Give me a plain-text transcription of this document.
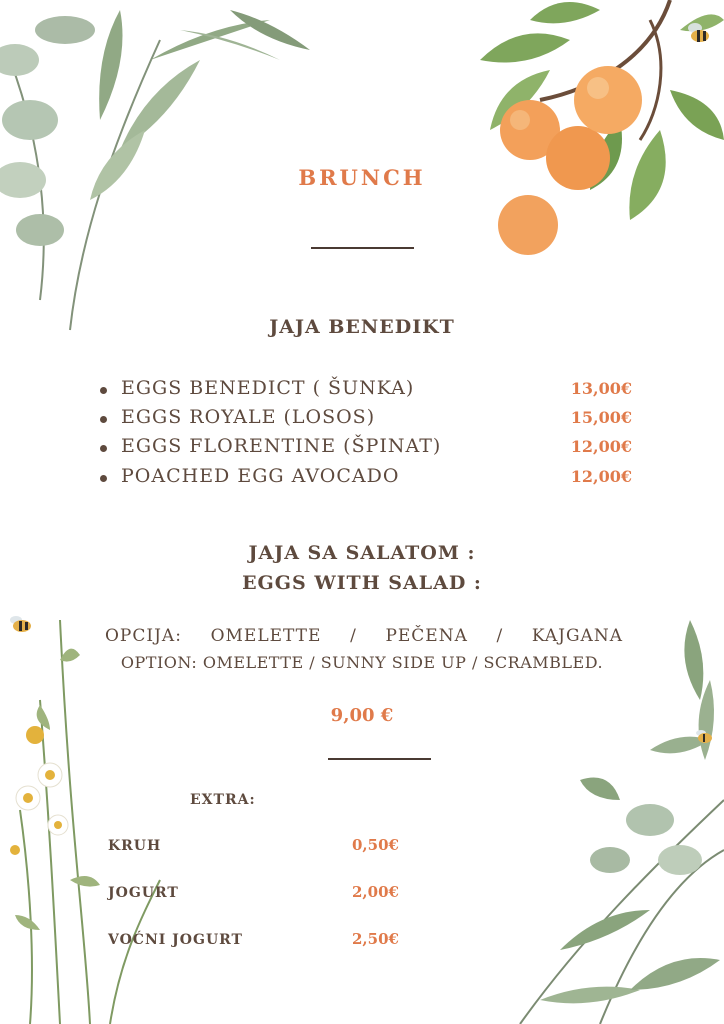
BRUNCH
JAJA BENEDIKT
EGGS BENEDICT ( ŠUNKA)	13,00€
EGGS ROYALE (LOSOS)	15,00€
EGGS FLORENTINE (ŠPINAT)	12,00€
POACHED EGG AVOCADO	12,00€
JAJA SA SALATOM :
EGGS WITH SALAD :
OPCIJA: OMELETTE / PEČENA / KAJGANA
OPTION: OMELETTE / SUNNY SIDE UP / SCRAMBLED.
9,00 €
EXTRA:
KRUH	0,50€
JOGURT	2,00€
VOĆNI JOGURT	2,50€
